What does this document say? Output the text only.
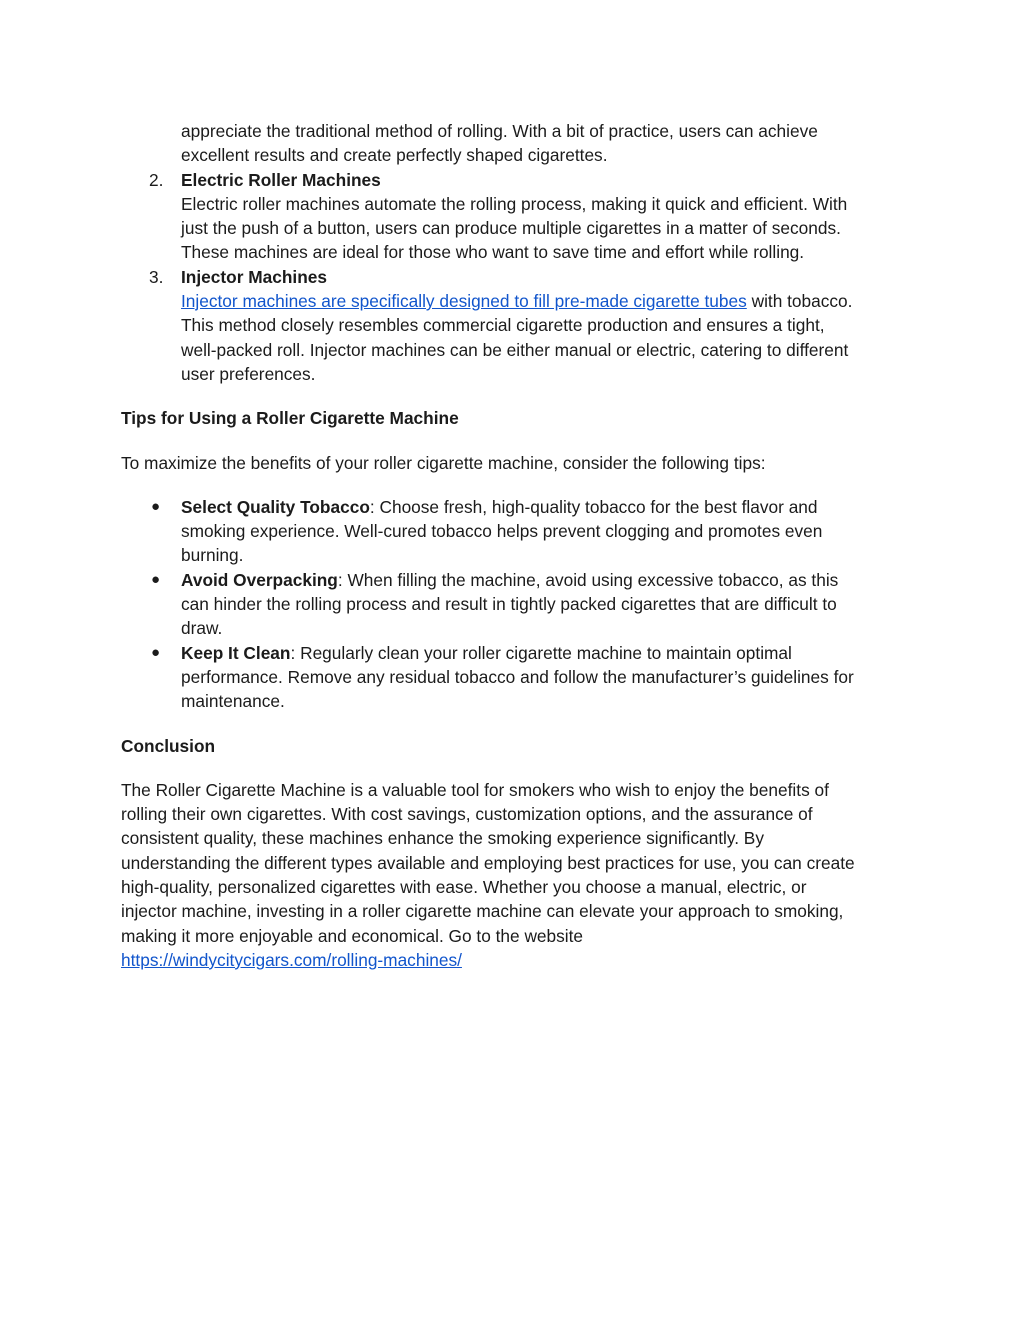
appreciate the traditional method of rolling. With a bit of practice, users can achieve

excellent results and create perfectly shaped cigarettes.

2. Electric Roller Machines

Electric roller machines automate the rolling process, making it quick and efficient. With

just the push of a button, users can produce multiple cigarettes in a matter of seconds.

These machines are ideal for those who want to save time and effort while rolling.

3. Injector Machines

Injector machines are specifically designed to fill pre-made cigarette tubes with tobacco.

This method closely resembles commercial cigarette production and ensures a tight,

well-packed roll. Injector machines can be either manual or electric, catering to different

user preferences.

Tips for Using a Roller Cigarette Machine

To maximize the benefits of your roller cigarette machine, consider the following tips:

● Select Quality Tobacco: Choose fresh, high-quality tobacco for the best flavor and

smoking experience. Well-cured tobacco helps prevent clogging and promotes even

burning.

● Avoid Overpacking: When filling the machine, avoid using excessive tobacco, as this

can hinder the rolling process and result in tightly packed cigarettes that are difficult to

draw.

● Keep It Clean: Regularly clean your roller cigarette machine to maintain optimal

performance. Remove any residual tobacco and follow the manufacturer’s guidelines for

maintenance.

Conclusion

The Roller Cigarette Machine is a valuable tool for smokers who wish to enjoy the benefits of

rolling their own cigarettes. With cost savings, customization options, and the assurance of

consistent quality, these machines enhance the smoking experience significantly. By

understanding the different types available and employing best practices for use, you can create

high-quality, personalized cigarettes with ease. Whether you choose a manual, electric, or

injector machine, investing in a roller cigarette machine can elevate your approach to smoking,

making it more enjoyable and economical. Go to the website

https://windycitycigars.com/rolling-machines/
